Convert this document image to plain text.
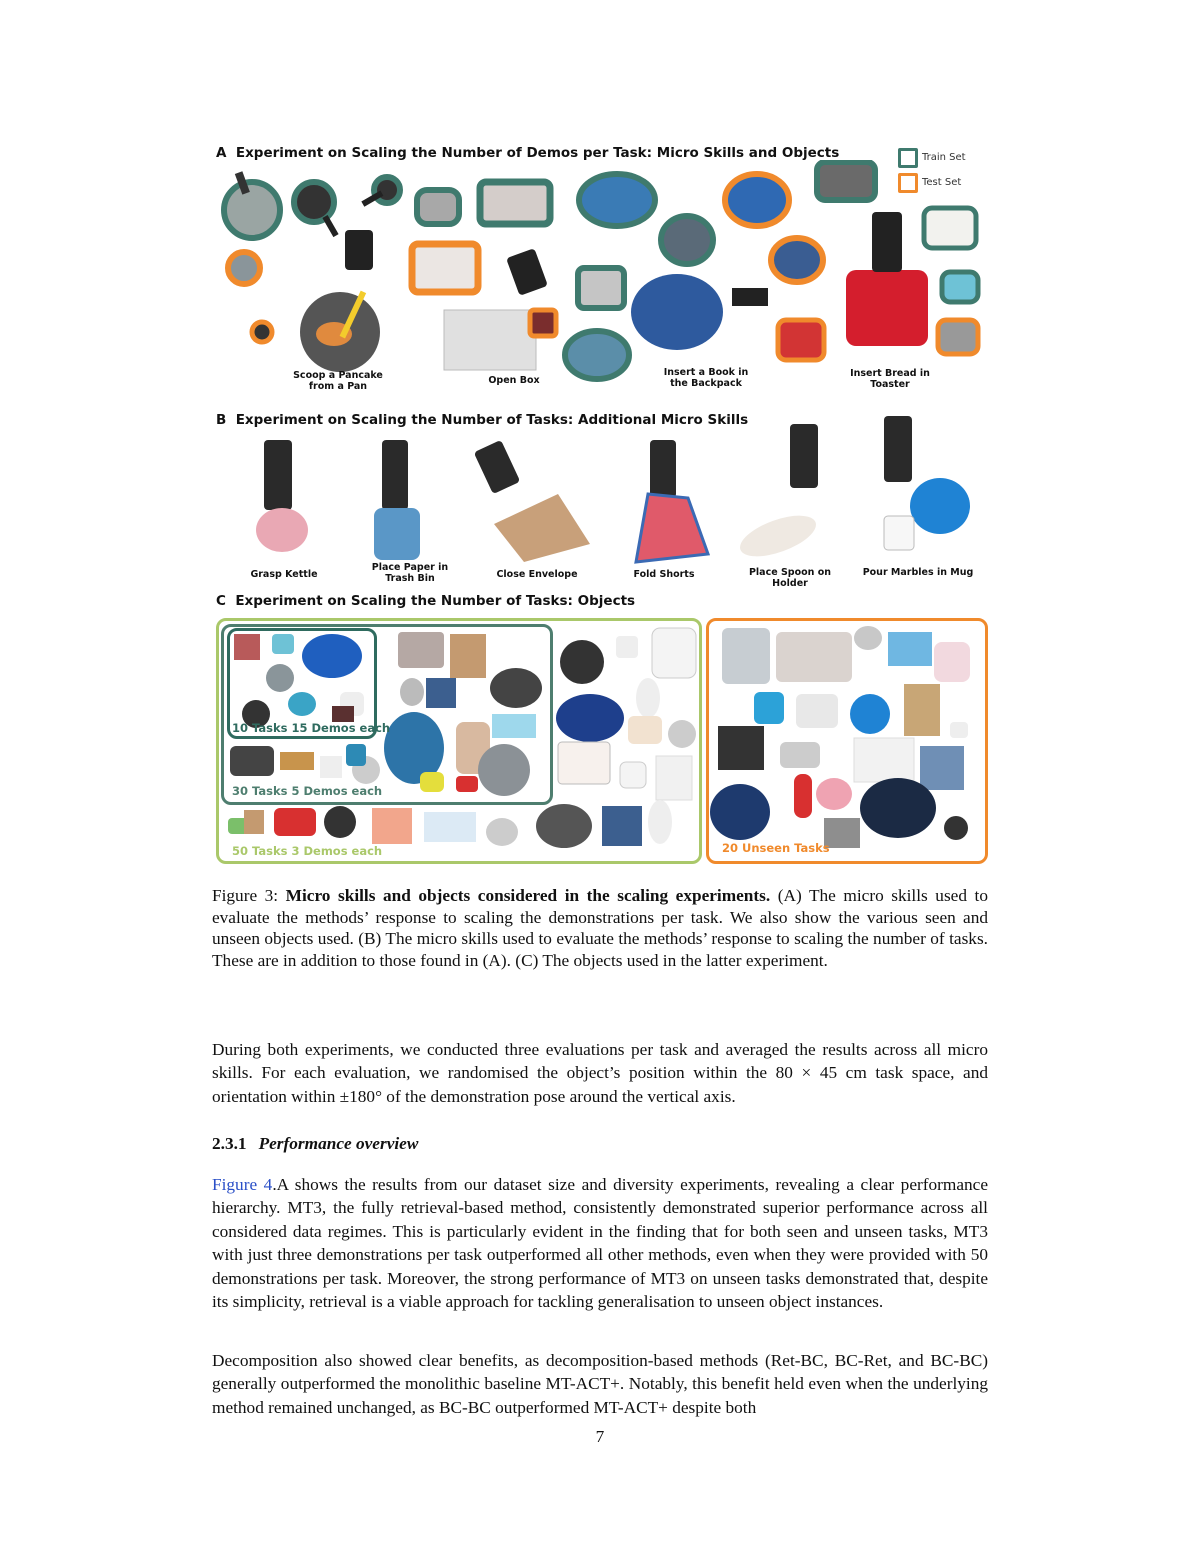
A Experiment on Scaling the Number of Demos per Task: Micro Skills and Objects	Train Set
Test Set
Scoop a Pancake from a Pan
Open Box
Insert a Book in the Backpack
Insert Bread in Toaster
B Experiment on Scaling the Number of Tasks: Additional Micro Skills
Grasp Kettle
Place Paper in Trash Bin	Close Envelope	Fold Shorts	Place Spoon on Holder
Pour Marbles in Mug
C Experiment on Scaling the Number of Tasks: Objects
10 Tasks 15 Demos each
30 Tasks 5 Demos each
50 Tasks 3 Demos each	20 Unseen Tasks
Figure 3: Micro skills and objects considered in the scaling experiments. (A) The micro skills used to evaluate the methods’ response to scaling the demonstrations per task. We also show the various seen and unseen objects used. (B) The micro skills used to evaluate the methods’ response to scaling the number of tasks. These are in addition to those found in (A). (C) The objects used in the latter experiment.
During both experiments, we conducted three evaluations per task and averaged the results across all micro skills. For each evaluation, we randomised the object’s position within the 80 × 45 cm task space, and orientation within ±180° of the demonstration pose around the vertical axis.
2.3.1 Performance overview
Figure 4.A shows the results from our dataset size and diversity experiments, revealing a clear performance hierarchy. MT3, the fully retrieval-based method, consistently demonstrated superior performance across all considered data regimes. This is particularly evident in the finding that for both seen and unseen tasks, MT3 with just three demonstrations per task outperformed all other methods, even when they were provided with 50 demonstrations per task. Moreover, the strong performance of MT3 on unseen tasks demonstrated that, despite its simplicity, retrieval is a viable approach for tackling generalisation to unseen object instances.
Decomposition also showed clear benefits, as decomposition-based methods (Ret-BC, BC-Ret, and BC-BC) generally outperformed the monolithic baseline MT-ACT+. Notably, this benefit held even when the underlying method remained unchanged, as BC-BC outperformed MT-ACT+ despite both
7
